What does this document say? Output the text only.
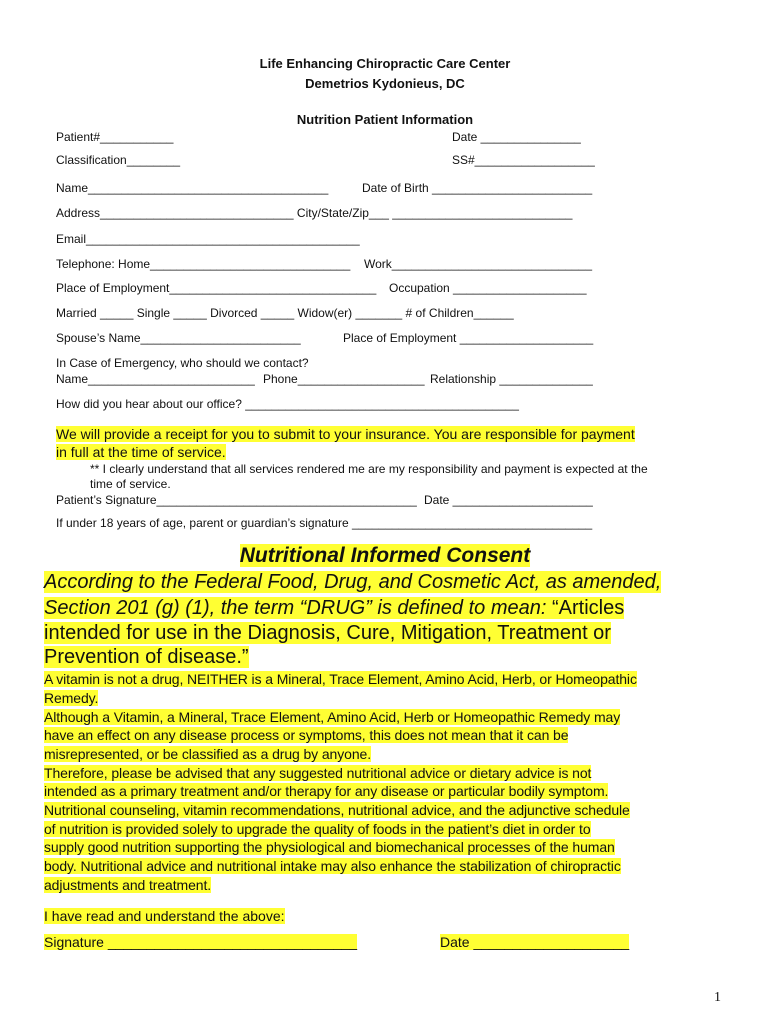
Life Enhancing Chiropractic Care Center
Demetrios Kydonieus, DC
Nutrition Patient Information
Patient#___________	Date _______________
Classification________	SS#__________________
Name____________________________________	Date of Birth ________________________
Address_____________________________ City/State/Zip___ ___________________________
Email_________________________________________
Telephone: Home______________________________ Work______________________________
Place of Employment_______________________________ Occupation ____________________
Married _____ Single _____ Divorced _____ Widow(er) _______ # of Children______
Spouse’s Name________________________	Place of Employment ____________________
In Case of Emergency, who should we contact?
Name_________________________ Phone___________________ Relationship ______________
How did you hear about our office? _________________________________________
We will provide a receipt for you to submit to your insurance. You are responsible for payment
in full at the time of service.
** I clearly understand that all services rendered me are my responsibility and payment is expected at the
time of service.
Patient’s Signature_______________________________________ Date _____________________
If under 18 years of age, parent or guardian’s signature ____________________________________
Nutritional Informed Consent
According to the Federal Food, Drug, and Cosmetic Act, as amended,
Section 201 (g) (1), the term “DRUG” is defined to mean: “Articles
intended for use in the Diagnosis, Cure, Mitigation, Treatment or
Prevention of disease.”
A vitamin is not a drug, NEITHER is a Mineral, Trace Element, Amino Acid, Herb, or Homeopathic
Remedy.
Although a Vitamin, a Mineral, Trace Element, Amino Acid, Herb or Homeopathic Remedy may
have an effect on any disease process or symptoms, this does not mean that it can be
misrepresented, or be classified as a drug by anyone.
Therefore, please be advised that any suggested nutritional advice or dietary advice is not
intended as a primary treatment and/or therapy for any disease or particular bodily symptom.
Nutritional counseling, vitamin recommendations, nutritional advice, and the adjunctive schedule
of nutrition is provided solely to upgrade the quality of foods in the patient’s diet in order to
supply good nutrition supporting the physiological and biomechanical processes of the human
body. Nutritional advice and nutritional intake may also enhance the stabilization of chiropractic
adjustments and treatment.
I have read and understand the above:
Signature ________________________________	Date ____________________
1
